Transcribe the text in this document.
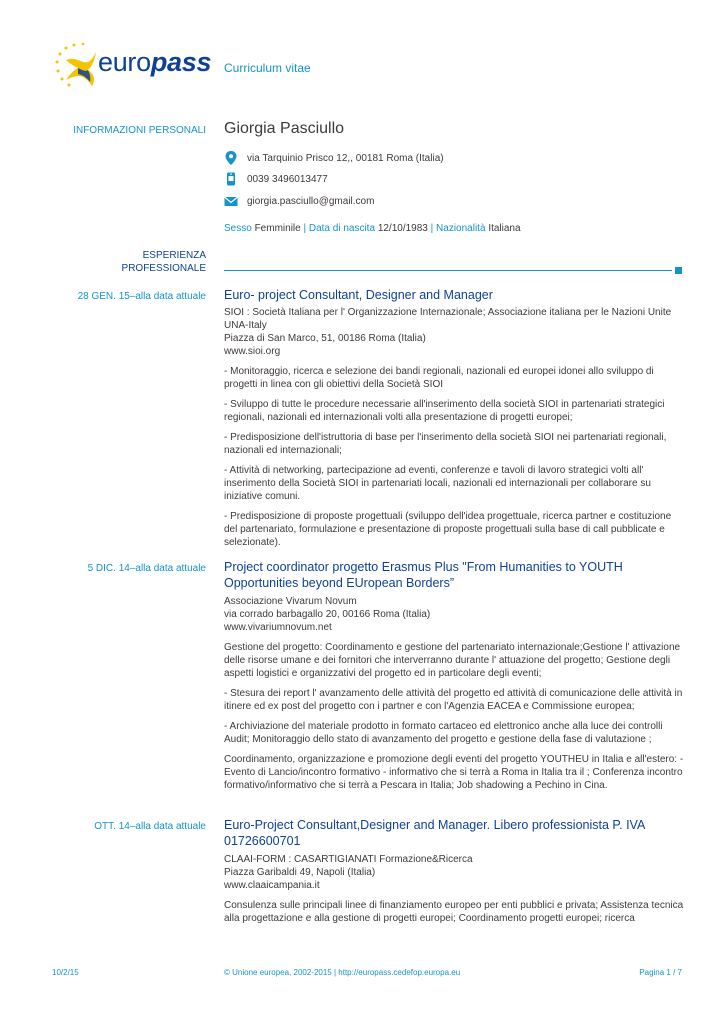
europass Curriculum vitae
INFORMAZIONI PERSONALI Giorgia Pasciullo
via Tarquinio Prisco 12,, 00181 Roma (Italia)
0039 3496013477
giorgia.pasciullo@gmail.com
Sesso Femminile | Data di nascita 12/10/1983 | Nazionalità Italiana
ESPERIENZA
PROFESSIONALE
28 GEN. 15–alla data attuale Euro- project Consultant, Designer and Manager
SIOI : Società Italiana per l' Organizzazione Internazionale; Associazione italiana per le Nazioni Unite UNA-Italy
Piazza di San Marco, 51, 00186 Roma (Italia)
www.sioi.org
- Monitoraggio, ricerca e selezione dei bandi regionali, nazionali ed europei idonei allo sviluppo di progetti in linea con gli obiettivi della Società SIOI
- Sviluppo di tutte le procedure necessarie all'inserimento della società SIOI in partenariati strategici regionali, nazionali ed internazionali volti alla presentazione di progetti europei;
- Predisposizione dell'istruttoria di base per l'inserimento della società SIOI nei partenariati regionali, nazionali ed internazionali;
- Attività di networking, partecipazione ad eventi, conferenze e tavoli di lavoro strategici volti all' inserimento della Società SIOI in partenariati locali, nazionali ed internazionali per collaborare su iniziative comuni.
- Predisposizione di proposte progettuali (sviluppo dell'idea progettuale, ricerca partner e costituzione del partenariato, formulazione e presentazione di proposte progettuali sulla base di call pubblicate e selezionate).
5 DIC. 14–alla data attuale Project coordinator progetto Erasmus Plus "From Humanities to YOUTH Opportunities beyond EUropean Borders”
Associazione Vivarum Novum
via corrado barbagallo 20, 00166 Roma (Italia)
www.vivariumnovum.net
Gestione del progetto: Coordinamento e gestione del partenariato internazionale;Gestione l' attivazione delle risorse umane e dei fornitori che interverranno durante l' attuazione del progetto; Gestione degli aspetti logistici e organizzativi del progetto ed in particolare degli eventi;
- Stesura dei report l' avanzamento delle attività del progetto ed attività di comunicazione delle attività in itinere ed ex post del progetto con i partner e con l'Agenzia EACEA e Commissione europea;
- Archiviazione del materiale prodotto in formato cartaceo ed elettronico anche alla luce dei controlli Audit; Monitoraggio dello stato di avanzamento del progetto e gestione della fase di valutazione ;
Coordinamento, organizzazione e promozione degli eventi del progetto YOUTHEU in Italia e all'estero: -Evento di Lancio/incontro formativo - informativo che si terrà a Roma in Italia tra il ; Conferenza incontro formativo/informativo che si terrà a Pescara in Italia; Job shadowing a Pechino in Cina.
OTT. 14–alla data attuale Euro-Project Consultant,Designer and Manager. Libero professionista P. IVA 01726600701
CLAAI-FORM : CASARTIGIANATI Formazione&Ricerca
Piazza Garibaldi 49, Napoli (Italia)
www.claaicampania.it
Consulenza sulle principali linee di finanziamento europeo per enti pubblici e privata; Assistenza tecnica alla progettazione e alla gestione di progetti europei; Coordinamento progetti europei; ricerca
10/2/15	© Unione europea, 2002-2015 | http://europass.cedefop.europa.eu	Pagina 1 / 7
